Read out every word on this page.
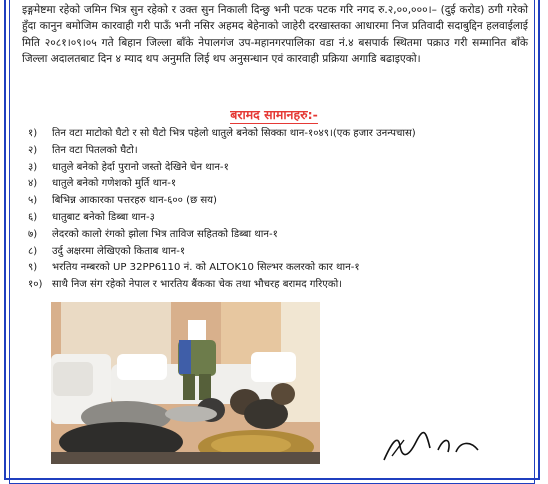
इङ्गमेष्टमा रहेको जमिन भित्र सुन रहेको र उक्त सुन निकाली दिन्छु भनी पटक पटक गरि नगद रु.२,००,०००।– (दुई करोड) ठगी गरेको हुँदा कानुन बमोजिम कारवाही गरी पाऊँ भनी नसिर अहमद बेहेनाको जाहेरी दरखास्तका आधारमा निज प्रतिवादी सदाबुद्दिन हलवाईलाई मिति २०८१।०९।०५ गते बिहान जिल्ला बाँके नेपालगंज उप-महानगरपालिका वडा नं.४ बसपार्क स्थितमा पक्राउ गरी सम्मानित बाँके जिल्ला अदालतबाट दिन ४ म्याद थप अनुमति लिई थप अनुसन्धान एवं कारवाही प्रक्रिया अगाडि बढाइएको।

बरामद सामानहरु:-
१)	तिन वटा माटोको घैटो र सो घैटो भित्र पहेलो धातुले बनेको सिक्का थान-१०४९।(एक हजार उनन्पचास)
२)	तिन वटा पितलको घैटो।
३)	धातुले बनेको हेर्दा पुरानो जस्तो देखिने चेन थान-१
४)	धातुले बनेको गणेशको मुर्ति थान-१
५)	बिभिन्न आकारका पत्तरहरु थान-६०० (छ सय)
६)	धातुबाट बनेको डिब्बा थान-३
७)	लेदरको कालो रंगको झोला भित्र ताविज सहितको डिब्बा थान-१
८)	उर्दु अक्षरमा लेखिएको किताब थान-१
९)	भरतिय नम्बरको UP 32PP6110 नं. को ALTOK10 सिल्भर कलरको कार थान-१
१०) साथै निज संग रहेको नेपाल र भारतिय बैंकका चेक तथा भौचरह बरामद गरिएको।
